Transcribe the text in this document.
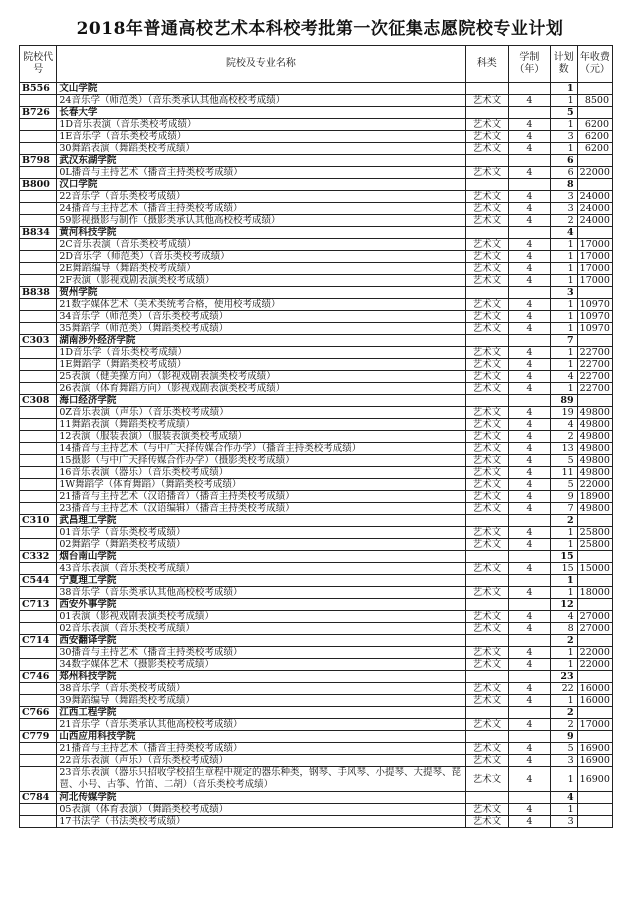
2018年普通高校艺术本科校考批第一次征集志愿院校专业计划
院校代号	院校及专业名称	科类	学制（年）	计划数	年收费（元）
B556	文山学院			1	
	24音乐学（师范类）（音乐类承认其他高校校考成绩）	艺术文	4	1	8500
B726	长春大学			5	
	1D音乐表演（音乐类校考成绩）	艺术文	4	1	6200
	1E音乐学（音乐类校考成绩）	艺术文	4	3	6200
	30舞蹈表演（舞蹈类校考成绩）	艺术文	4	1	6200
B798	武汉东湖学院			6	
	0L播音与主持艺术（播音主持类校考成绩）	艺术文	4	6	22000
B800	汉口学院			8	
	22音乐学（音乐类校考成绩）	艺术文	4	3	24000
	24播音与主持艺术（播音主持类校考成绩）	艺术文	4	3	24000
	59影视摄影与制作（摄影类承认其他高校校考成绩）	艺术文	4	2	24000
B834	黄河科技学院			4	
	2C音乐表演（音乐类校考成绩）	艺术文	4	1	17000
	2D音乐学（师范类）（音乐类校考成绩）	艺术文	4	1	17000
	2E舞蹈编导（舞蹈类校考成绩）	艺术文	4	1	17000
	2F表演（影视戏剧表演类校考成绩）	艺术文	4	1	17000
B838	贺州学院			3	
	21数字媒体艺术（美术类统考合格，使用校考成绩）	艺术文	4	1	10970
	34音乐学（师范类）（音乐类校考成绩）	艺术文	4	1	10970
	35舞蹈学（师范类）（舞蹈类校考成绩）	艺术文	4	1	10970
C303	湖南涉外经济学院			7	
	1D音乐学（音乐类校考成绩）	艺术文	4	1	22700
	1E舞蹈学（舞蹈类校考成绩）	艺术文	4	1	22700
	25表演（健美操方向）（影视戏剧表演类校考成绩）	艺术文	4	4	22700
	26表演（体育舞蹈方向）（影视戏剧表演类校考成绩）	艺术文	4	1	22700
C308	海口经济学院			89	
	0Z音乐表演（声乐）（音乐类校考成绩）	艺术文	4	19	49800
	11舞蹈表演（舞蹈类校考成绩）	艺术文	4	4	49800
	12表演（服装表演）（服装表演类校考成绩）	艺术文	4	2	49800
	14播音与主持艺术（与中广天择传媒合作办学）（播音主持类校考成绩）	艺术文	4	13	49800
	15摄影（与中广天择传媒合作办学）（摄影类校考成绩）	艺术文	4	5	49800
	16音乐表演（器乐）（音乐类校考成绩）	艺术文	4	11	49800
	1W舞蹈学（体育舞蹈）（舞蹈类校考成绩）	艺术文	4	5	22000
	21播音与主持艺术（汉语播音）（播音主持类校考成绩）	艺术文	4	9	18900
	23播音与主持艺术（汉语编辑）（播音主持类校考成绩）	艺术文	4	7	49800
C310	武昌理工学院			2	
	01音乐学（音乐类校考成绩）	艺术文	4	1	25800
	02舞蹈学（舞蹈类校考成绩）	艺术文	4	1	25800
C332	烟台南山学院			15	
	43音乐表演（音乐类校考成绩）	艺术文	4	15	15000
C544	宁夏理工学院			1	
	38音乐学（音乐类承认其他高校校考成绩）	艺术文	4	1	18000
C713	西安外事学院			12	
	01表演（影视戏剧表演类校考成绩）	艺术文	4	4	27000
	02音乐表演（音乐类校考成绩）	艺术文	4	8	27000
C714	西安翻译学院			2	
	30播音与主持艺术（播音主持类校考成绩）	艺术文	4	1	22000
	34数字媒体艺术（摄影类校考成绩）	艺术文	4	1	22000
C746	郑州科技学院			23	
	38音乐学（音乐类校考成绩）	艺术文	4	22	16000
	39舞蹈编导（舞蹈类校考成绩）	艺术文	4	1	16000
C766	江西工程学院			2	
	21音乐学（音乐类承认其他高校校考成绩）	艺术文	4	2	17000
C779	山西应用科技学院			9	
	21播音与主持艺术（播音主持类校考成绩）	艺术文	4	5	16900
	22音乐表演（声乐）（音乐类校考成绩）	艺术文	4	3	16900
	23音乐表演（器乐只招收学校招生章程中规定的器乐种类，钢琴、手风琴、小提琴、大提琴、琵琶、小号、古筝、竹笛、二胡）（音乐类校考成绩）	艺术文	4	1	16900
C784	河北传媒学院			4	
	05表演（体育表演）（舞蹈类校考成绩）	艺术文	4	1	
	17书法学（书法类校考成绩）	艺术文	4	3	
